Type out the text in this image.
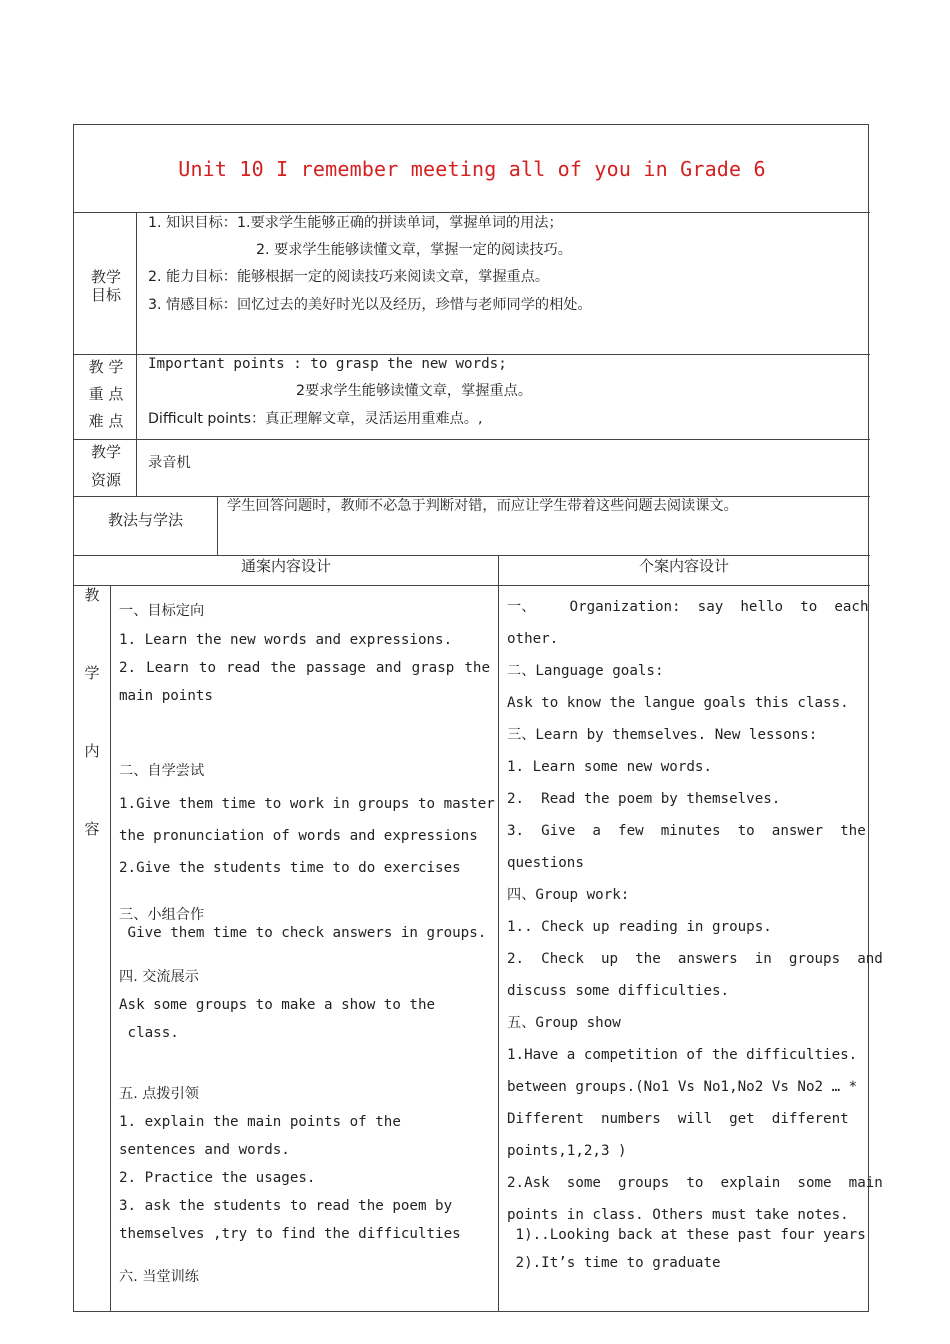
Unit 10 I remember meeting all of you in Grade 6
教学
目标
1. 知识目标：1.要求学生能够正确的拼读单词，掌握单词的用法；
2. 要求学生能够读懂文章，掌握一定的阅读技巧。
2. 能力目标：能够根据一定的阅读技巧来阅读文章，掌握重点。
3. 情感目标：回忆过去的美好时光以及经历，珍惜与老师同学的相处。
教 学
重 点
难 点
Important points : to grasp the new words;
2要求学生能够读懂文章，掌握重点。
Difficult points：真正理解文章，灵活运用重难点。,
教学
资源
录音机
教法与学法
学生回答问题时，教师不必急于判断对错，而应让学生带着这些问题去阅读课文。
通案内容设计	个案内容设计
教
学
内
容
一、目标定向
1. Learn the new words and expressions.
2. Learn to read the passage and grasp the
main points
二、自学尝试
1.Give them time to work in groups to master
the pronunciation of words and expressions
2.Give the students time to do exercises
三、小组合作
Give them time to check answers in groups.
四. 交流展示
Ask some groups to make a show to the
class.
五. 点拨引领
1. explain the main points of the
sentences and words.
2. Practice the usages.
3. ask the students to read the poem by
themselves ,try to find the difficulties
六. 当堂训练
一、    Organization:  say  hello  to  each
other.
二、Language goals:
Ask to know the langue goals this class.
三、Learn by themselves. New lessons:
1. Learn some new words.
2.  Read the poem by themselves.
3.  Give  a  few  minutes  to  answer  the
questions
四、Group work:
1.. Check up reading in groups.
2.  Check  up  the  answers  in  groups  and
discuss some difficulties.
五、Group show
1.Have a competition of the difficulties.
between groups.(No1 Vs No1,No2 Vs No2 … *
Different  numbers  will  get  different
points,1,2,3 )
2.Ask  some  groups  to  explain  some  main
points in class. Others must take notes.
1)..Looking back at these past four years
2).It’s time to graduate
